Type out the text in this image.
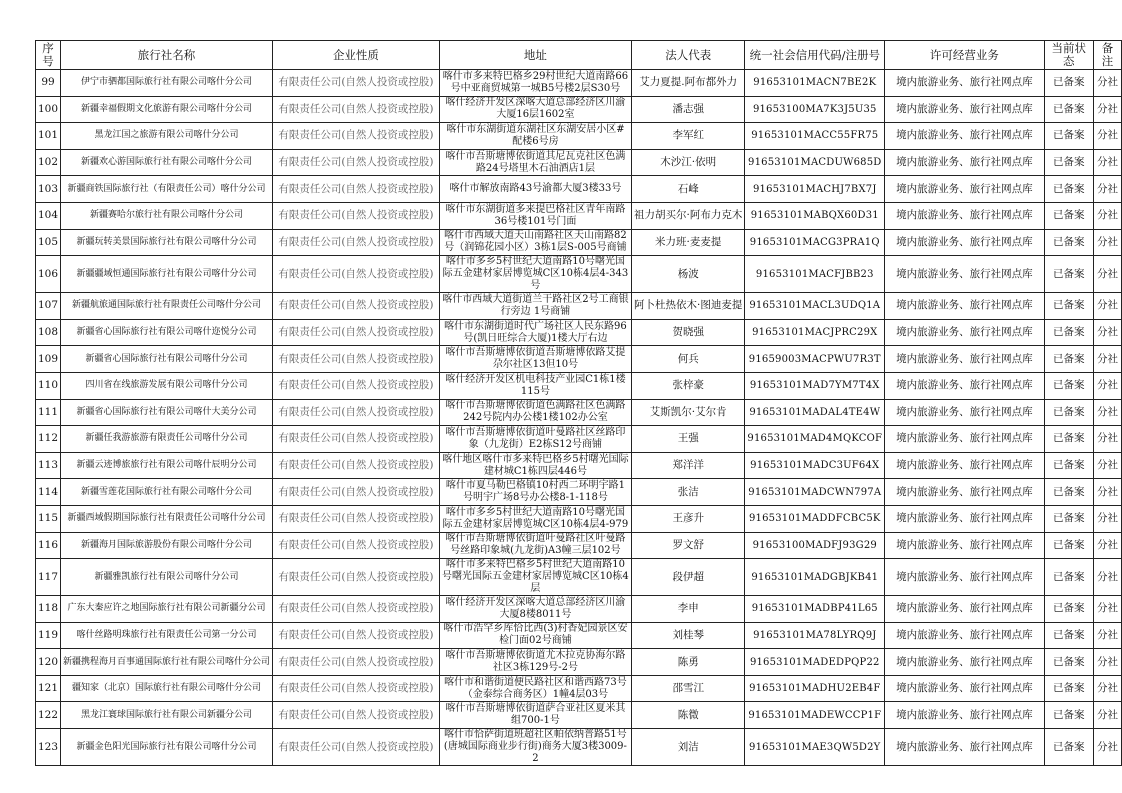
序号	旅行社名称	企业性质	地址	法人代表	统一社会信用代码/注册号	许可经营业务	当前状态	备注
99	伊宁市驷都国际旅行社有限公司喀什分公司	有限责任公司(自然人投资或控股)	喀什市多来特巴格乡29村世纪大道南路66号中亚商贸城第一城B5号楼2层S30号	艾力夏提.阿布都外力	91653101MACN7BE2K	境内旅游业务、旅行社网点库	已备案	分社
100	新疆幸福假期文化旅游有限公司喀什分公司	有限责任公司(自然人投资或控股)	喀什经济开发区深喀大道总部经济区川渝大厦16层1602室	潘志强	91653100MA7K3J5U35	境内旅游业务、旅行社网点库	已备案	分社
101	黑龙江国之旅游有限公司喀什分公司	有限责任公司(自然人投资或控股)	喀什市东湖街道东湖社区东湖安居小区#配楼6号房	李军红	91653101MACC55FR75	境内旅游业务、旅行社网点库	已备案	分社
102	新疆欢心游国际旅行社有限公司喀什分公司	有限责任公司(自然人投资或控股)	喀什市吾斯塘博依街道其尼瓦克社区色满路24号塔里木石油酒店1层	木沙江·依明	91653101MACDUW685D	境内旅游业务、旅行社网点库	已备案	分社
103	新疆商铁国际旅行社（有限责任公司）喀什分公司	有限责任公司(自然人投资或控股)	喀什市解放南路43号渝都大厦3楼33号	石峰	91653101MACHJ7BX7J	境内旅游业务、旅行社网点库	已备案	分社
104	新疆赛哈尔旅行社有限公司喀什分公司	有限责任公司(自然人投资或控股)	喀什市东湖街道多来提巴格社区青年南路36号楼101号门面	祖力胡买尔·阿布力克木	91653101MABQX60D31	境内旅游业务、旅行社网点库	已备案	分社
105	新疆玩转美景国际旅行社有限公司喀什分公司	有限责任公司(自然人投资或控股)	喀什市西域大道天山南路社区天山南路82号（润锦花园小区）3栋1层S-005号商铺	米力班·麦麦提	91653101MACG3PRA1Q	境内旅游业务、旅行社网点库	已备案	分社
106	新疆疆域恒通国际旅行社有限公司喀什分公司	有限责任公司(自然人投资或控股)	喀什市多乡5村世纪大道南路10号曙光国际五金建材家居博览城C区10栋4层4-343号	杨波	91653101MACFJBB23	境内旅游业务、旅行社网点库	已备案	分社
107	新疆航旅通国际旅行社有限责任公司喀什分公司	有限责任公司(自然人投资或控股)	喀什市西域大道街道兰干路社区2号工商银行旁边 1号商铺	阿卜杜热依木·图迪麦提	91653101MACL3UDQ1A	境内旅游业务、旅行社网点库	已备案	分社
108	新疆省心国际旅行社有限公司喀什迩悦分公司	有限责任公司(自然人投资或控股)	喀什市东湖街道时代广场社区人民东路96号(凯日旺综合大厦)1楼大厅右边	贺晓强	91653101MACJPRC29X	境内旅游业务、旅行社网点库	已备案	分社
109	新疆省心国际旅行社有限公司喀什分公司	有限责任公司(自然人投资或控股)	喀什市吾斯塘博依街道吾斯塘博依路艾提尕尔社区13但10号	何兵	91659003MACPWU7R3T	境内旅游业务、旅行社网点库	已备案	分社
110	四川省在线旅游发展有限公司喀什分公司	有限责任公司(自然人投资或控股)	喀什经济开发区机电科技产业园C1栋1楼115号	张梓豪	91653101MAD7YM7T4X	境内旅游业务、旅行社网点库	已备案	分社
111	新疆省心国际旅行社有限公司喀什大美分公司	有限责任公司(自然人投资或控股)	喀什市吾斯塘博依街道色满路社区色满路242号院内办公楼1楼102办公室	艾斯凯尔·艾尔肯	91653101MADAL4TE4W	境内旅游业务、旅行社网点库	已备案	分社
112	新疆任我游旅游有限责任公司喀什分公司	有限责任公司(自然人投资或控股)	喀什市吾斯塘博依街道叶曼路社区丝路印象（九龙街）E2栋S12号商铺	王强	91653101MAD4MQKCOF	境内旅游业务、旅行社网点库	已备案	分社
113	新疆云迹博旅旅行社有限公司喀什辰明分公司	有限责任公司(自然人投资或控股)	喀什地区喀什市多来特巴格乡5村曙光国际建材城C1栋四层446号	郑洋洋	91653101MADC3UF64X	境内旅游业务、旅行社网点库	已备案	分社
114	新疆雪莲花国际旅行社有限公司喀什分公司	有限责任公司(自然人投资或控股)	喀什市夏马勒巴格镇10村西二环明宇路1号明宇广场8号办公楼8-1-118号	张洁	91653101MADCWN797A	境内旅游业务、旅行社网点库	已备案	分社
115	新疆西域假期国际旅行社有限责任公司喀什分公司	有限责任公司(自然人投资或控股)	喀什市多乡5村世纪大道南路10号曙光国际五金建材家居博览城C区10栋4层4-979	王彦升	91653101MADDFCBC5K	境内旅游业务、旅行社网点库	已备案	分社
116	新疆海月国际旅游股份有限公司喀什分公司	有限责任公司(自然人投资或控股)	喀什市吾斯塘博依街道叶曼路社区叶曼路号丝路印象城(九龙街)A3幢三层102号	罗文舒	91653100MADFJ93G29	境内旅游业务、旅行社网点库	已备案	分社
117	新疆雅凯旅行社有限公司喀什分公司	有限责任公司(自然人投资或控股)	喀什市多来特巴格乡5村世纪大道南路10号曙光国际五金建材家居博览城C区10栋4层	段伊超	91653101MADGBJKB41	境内旅游业务、旅行社网点库	已备案	分社
118	广东大秦应许之地国际旅行社有限公司新疆分公司	有限责任公司(自然人投资或控股)	喀什经济开发区深喀大道总部经济区川渝大厦8楼8011号	李申	91653101MADBP41L65	境内旅游业务、旅行社网点库	已备案	分社
119	喀什丝路明珠旅行社有限责任公司第一分公司	有限责任公司(自然人投资或控股)	喀什市浩罕乡库恰比西(3)村香妃园景区安检门面02号商铺	刘桂琴	91653101MA78LYRQ9J	境内旅游业务、旅行社网点库	已备案	分社
120	新疆携程海月百事通国际旅行社有限公司喀什分公司	有限责任公司(自然人投资或控股)	喀什市吾斯塘博依街道尤木拉克协海尔路社区3栋129号-2号	陈勇	91653101MADEDPQP22	境内旅游业务、旅行社网点库	已备案	分社
121	疆知家（北京）国际旅行社有限公司喀什分公司	有限责任公司(自然人投资或控股)	喀什市和谐街道便民路社区和谐西路73号（金泰综合商务区）1幢4层03号	邵雪江	91653101MADHU2EB4F	境内旅游业务、旅行社网点库	已备案	分社
122	黑龙江寰球国际旅行社有限公司新疆分公司	有限责任公司(自然人投资或控股)	喀什市吾斯塘博依街道萨合亚社区夏米其组700-1号	陈微	91653101MADEWCCP1F	境内旅游业务、旅行社网点库	已备案	分社
123	新疆金色阳光国际旅行社有限公司喀什分公司	有限责任公司(自然人投资或控股)	喀什市恰萨街道班超社区帕依纳普路51号(唐城国际商业步行街)商务大厦3楼3009-2	刘洁	91653101MAE3QW5D2Y	境内旅游业务、旅行社网点库	已备案	分社
